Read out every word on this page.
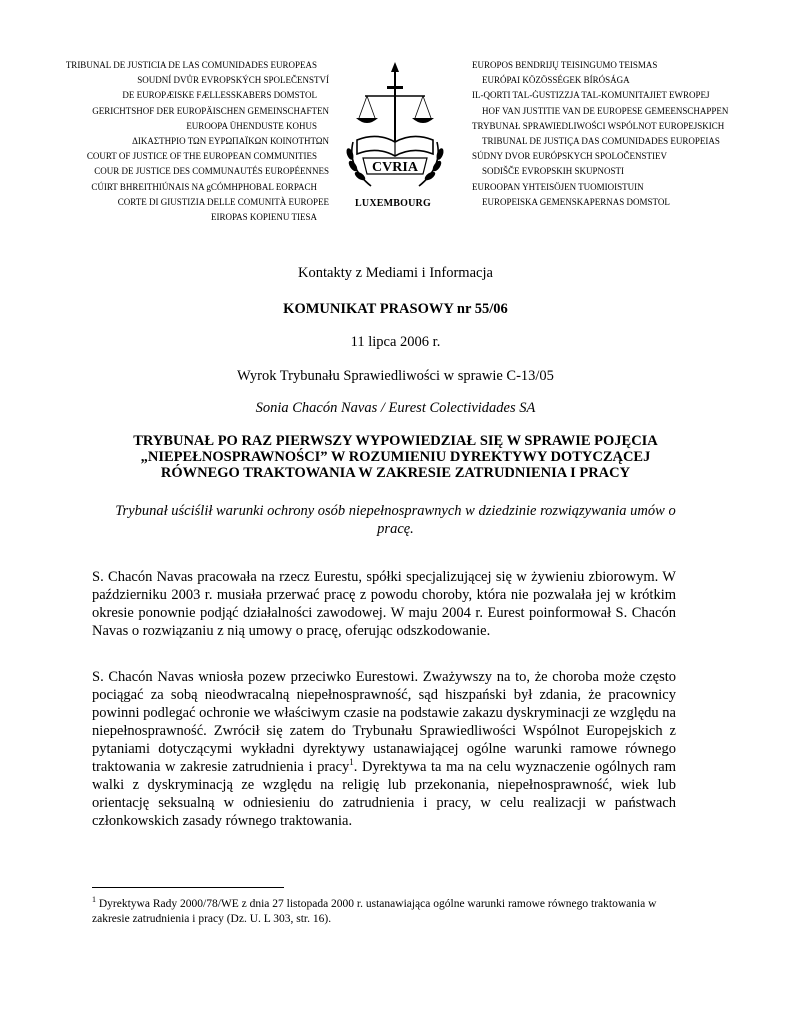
TRIBUNAL DE JUSTICIA DE LAS COMUNIDADES EUROPEAS
SOUDNÍ DVŮR EVROPSKÝCH SPOLEČENSTVÍ
DE EUROPÆISKE FÆLLESSKABERS DOMSTOL
GERICHTSHOF DER EUROPÄISCHEN GEMEINSCHAFTEN
EUROOPA ÜHENDUSTE KOHUS
ΔΙΚΑΣΤΗΡΙΟ ΤΩΝ ΕΥΡΩΠΑΪΚΩΝ ΚΟΙΝΟΤΗΤΩΝ
COURT OF JUSTICE OF THE EUROPEAN COMMUNITIES
COUR DE JUSTICE DES COMMUNAUTÉS EUROPÉENNES
CÚIRT BHREITHIÚNAIS NA gCÓMHPHOBAL EORPACH
CORTE DI GIUSTIZIA DELLE COMUNITÀ EUROPEE
EIROPAS KOPIENU TIESA
CVRIA
LUXEMBOURG
EUROPOS BENDRIJŲ TEISINGUMO TEISMAS
EURÓPAI KÖZÖSSÉGEK BÍRÓSÁGA
IL-QORTI TAL-ĠUSTIZZJA TAL-KOMUNITAJIET EWROPEJ
HOF VAN JUSTITIE VAN DE EUROPESE GEMEENSCHAPPEN
TRYBUNAŁ SPRAWIEDLIWOŚCI WSPÓLNOT EUROPEJSKICH
TRIBUNAL DE JUSTIÇA DAS COMUNIDADES EUROPEIAS
SÚDNY DVOR EURÓPSKYCH SPOLOČENSTIEV
SODIŠČE EVROPSKIH SKUPNOSTI
EUROOPAN YHTEISÖJEN TUOMIOISTUIN
EUROPEISKA GEMENSKAPERNAS DOMSTOL
Kontakty z Mediami i Informacja
KOMUNIKAT PRASOWY nr 55/06
11 lipca 2006 r.
Wyrok Trybunału Sprawiedliwości w sprawie C-13/05
Sonia Chacón Navas / Eurest Colectividades SA
TRYBUNAŁ PO RAZ PIERWSZY WYPOWIEDZIAŁ SIĘ W SPRAWIE POJĘCIA
„NIEPEŁNOSPRAWNOŚCI” W ROZUMIENIU DYREKTYWY DOTYCZĄCEJ
RÓWNEGO TRAKTOWANIA W ZAKRESIE ZATRUDNIENIA I PRACY
Trybunał uściślił warunki ochrony osób niepełnosprawnych w dziedzinie rozwiązywania umów o pracę.

S. Chacón Navas pracowała na rzecz Eurestu, spółki specjalizującej się w żywieniu zbiorowym. W październiku 2003 r. musiała przerwać pracę z powodu choroby, która nie pozwalała jej w krótkim okresie ponownie podjąć działalności zawodowej. W maju 2004 r. Eurest poinformował S. Chacón Navas o rozwiązaniu z nią umowy o pracę, oferując odszkodowanie.

S. Chacón Navas wniosła pozew przeciwko Eurestowi. Zważywszy na to, że choroba może często pociągać za sobą nieodwracalną niepełnosprawność, sąd hiszpański był zdania, że pracownicy powinni podlegać ochronie we właściwym czasie na podstawie zakazu dyskryminacji ze względu na niepełnosprawność. Zwrócił się zatem do Trybunału Sprawiedliwości Wspólnot Europejskich z pytaniami dotyczącymi wykładni dyrektywy ustanawiającej ogólne warunki ramowe równego traktowania w zakresie zatrudnienia i pracy$^1$. Dyrektywa ta ma na celu wyznaczenie ogólnych ram walki z dyskryminacją ze względu na religię lub przekonania, niepełnosprawność, wiek lub orientację seksualną w odniesieniu do zatrudnienia i pracy, w celu realizacji w państwach członkowskich zasady równego traktowania.

$^1$ Dyrektywa Rady 2000/78/WE z dnia 27 listopada 2000 r. ustanawiająca ogólne warunki ramowe równego traktowania w zakresie zatrudnienia i pracy (Dz. U. L 303, str. 16).
